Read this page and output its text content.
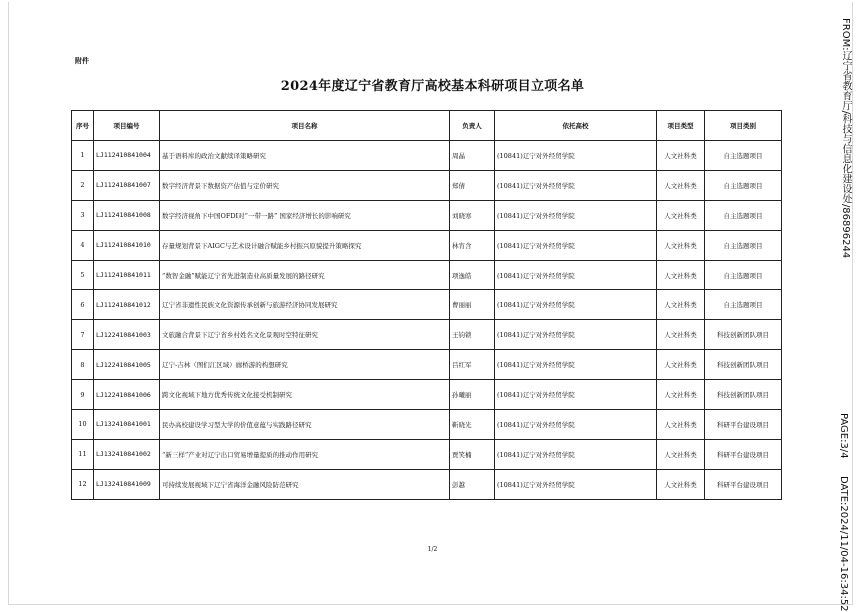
附件
2024年度辽宁省教育厅高校基本科研项目立项名单
序号	项目编号	项目名称	负责人	依托高校	项目类型	项目类别
1	LJ112410841004	基于语料库的政治文献续译策略研究	周晶	(10841)辽宁对外经贸学院	人文社科类	自主选题项目
2	LJ112410841007	数字经济背景下数据资产估值与定价研究	郑倩	(10841)辽宁对外经贸学院	人文社科类	自主选题项目
3	LJ112410841008	数字经济视角下中国OFDI对“一带一路” 国家经济增长的影响研究	刘晓寒	(10841)辽宁对外经贸学院	人文社科类	自主选题项目
4	LJ112410841010	存量规划背景下AIGC与艺术设计融合赋能乡村振兴原貌提升策略探究	林宵含	(10841)辽宁对外经贸学院	人文社科类	自主选题项目
5	LJ112410841011	“数智金融”赋能辽宁省先进制造业高质量发展的路径研究	项逸皓	(10841)辽宁对外经贸学院	人文社科类	自主选题项目
6	LJ112410841012	辽宁省非遗性民族文化资源传承创新与旅游经济协同发展研究	曹丽丽	(10841)辽宁对外经贸学院	人文社科类	自主选题项目
7	LJ122410841003	文旅融合背景下辽宁省乡村姓名文化景观时空特征研究	王钧锁	(10841)辽宁对外经贸学院	人文社科类	科技创新团队项目
8	LJ122410841005	辽宁-吉林（图们江区域）廊桥游的构想研究	吕红军	(10841)辽宁对外经贸学院	人文社科类	科技创新团队项目
9	LJ122410841006	跨文化视域下地方优秀传统文化接受机制研究	孙曦丽	(10841)辽宁对外经贸学院	人文社科类	科技创新团队项目
10	LJ132410841001	民办高校建设学习型大学的价值意蕴与实践路径研究	靳晓光	(10841)辽宁对外经贸学院	人文社科类	科研平台建设项目
11	LJ132410841002	“新三样”产业对辽宁出口贸易增量提质的推动作用研究	贾笑楠	(10841)辽宁对外经贸学院	人文社科类	科研平台建设项目
12	LJ132410841009	可持续发展视域下辽宁省海洋金融风险防范研究	彭越	(10841)辽宁对外经贸学院	人文社科类	科研平台建设项目
1/2
FROM:辽宁省教育厅/科技与信息化建设处/86896244
PAGE:3/4
DATE:2024/11/04-16:34:52
